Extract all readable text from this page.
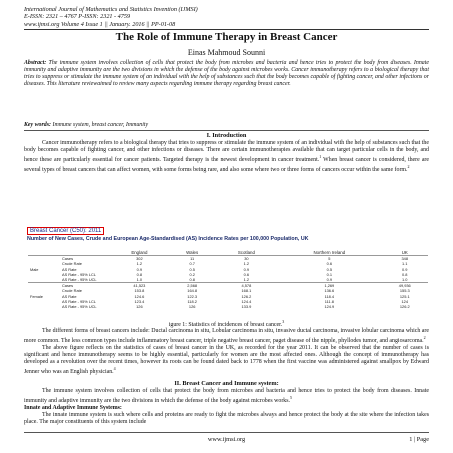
International Journal of Mathematics and Statistics Invention (IJMSI)
E-ISSN: 2321 – 4767 P-ISSN: 2321 - 4759
www.ijmsi.org Volume 4 Issue 1 || January. 2016 || PP-01-08
The Role of Immune Therapy in Breast Cancer
Einas Mahmoud Sounni
Abstract: The immune system involves collection of cells that protect the body from microbes and bacteria and hence tries to protect the body from diseases. Innate immunity and adaptive immunity are the two divisions in which the defense of the body against microbes works. Cancer immunotherapy refers to a biological therapy that tries to suppress or stimulate the immune system of an individual with the help of substances such that the body becomes capable of fighting cancer, and other infections or diseases. This literature reviewaimed to review many aspects regarding immune therapy regarding breast cancer.
Key words: Immune system, breast cancer, Immunity
I. Introduction

Cancer immunotherapy refers to a biological therapy that tries to suppress or stimulate the immune system of an individual with the help of substances such that the body becomes capable of fighting cancer, and other infections or diseases. There are certain immunotherapies available that can target particular cells in the body, and hence these are particularly essential for cancer patients. Targeted therapy is the newest development in cancer treatment.$^1$ When breast cancer is considered, there are several types of breast cancers that can affect women, with some forms being rare, and also some where two or three forms of cancers occur within the same form.$^2$

Breast Cancer (C50): 2011
Number of New Cases, Crude and European Age-Standardised (AS) Incidence Rates per 100,000 Population, UK
		England	Wales	Scotland	Northern Ireland	UK
	Cases	302	11	30	5	348
	Crude Rate	1.2	0.7	1.2	0.6	1.1
Male	AS Rate	0.9	0.5	0.9	0.5	0.9
	AS Rate - 95% LCL	0.8	0.2	0.6	0.1	0.8
	AS Rate - 95% UCL	1.0	0.8	1.2	0.9	1.0
	Cases	41,523	2,568	4,578	1,269	49,936
	Crude Rate	153.8	164.8	168.1	136.6	155.3
Female	AS Rate	124.6	122.3	126.2	118.4	125.1
	AS Rate - 95% LCL	123.4	118.2	124.4	111.8	124
	AS Rate - 95% UCL	126	126	133.9	124.9	126.2
igure 1: Statistics of incidences of breast cancer.$^3$

The different forms of breast cancers include: Ductal carcinoma in situ, Lobular carcinoma in situ, invasive ductal carcinoma, invasive lobular carcinoma which are more common. The less common types include inflammatory breast cancer, triple negative breast cancer, paget disease of the nipple, phyllodes tumor, and angiosarcoma.$^2$

The above figure reflects on the statistics of cases of breast cancer in the UK, as recorded for the year 2011. It can be observed that the number of cases is significant and hence immunotherapy seems to be highly essential, particularly for women are the most affected ones. Although the concept of immunotherapy has developed as a revolution over the recent times, however its roots can be found dated back to 1778 when the first vaccine was administered against smallpox by Edward Jenner who was an English physician.$^4$

II. Breast Cancer and Immune system:

The immune system involves collection of cells that protect the body from microbes and bacteria and hence tries to protect the body from diseases. Innate immunity and adaptive immunity are the two divisions in which the defense of the body against microbes works.$^5$

Innate and Adaptive Immune Systems:

The innate immune system is such where cells and proteins are ready to fight the microbes always and hence protect the body at the site where the infection takes place. The major constituents of this system include

www.ijmsi.org	1 | Page
